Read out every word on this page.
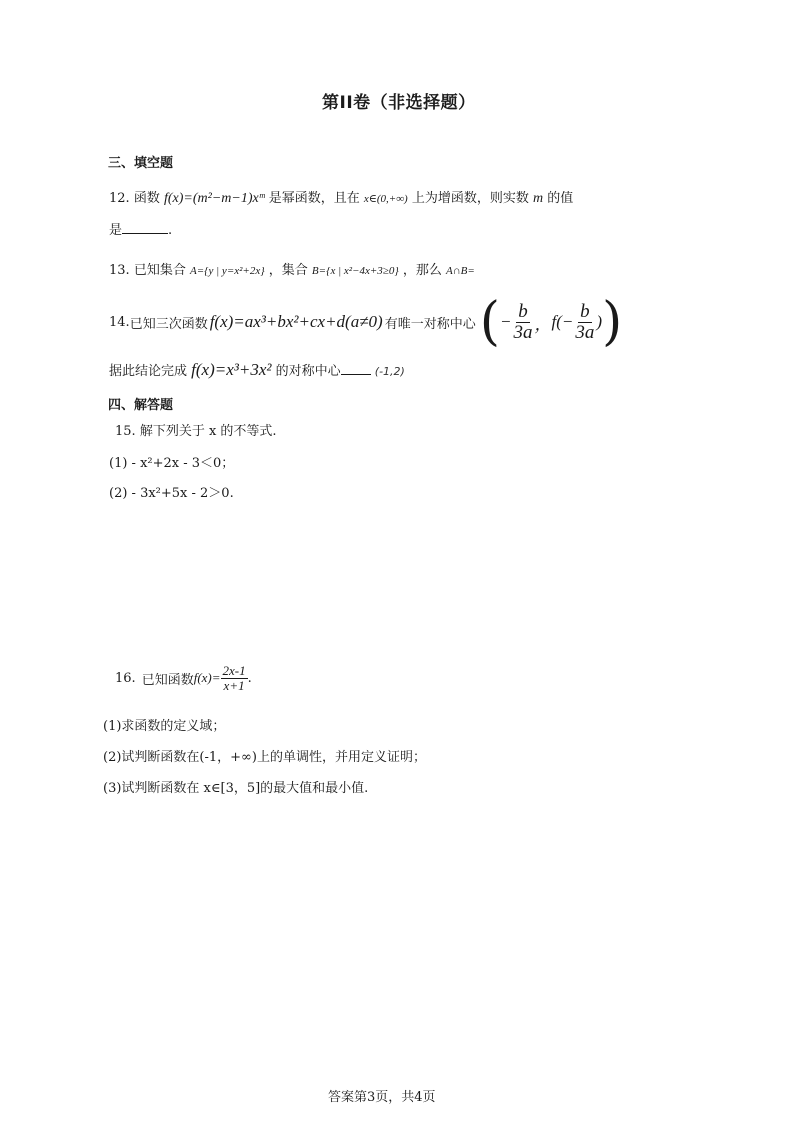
第II卷（非选择题）
三、填空题
12. 函数 f(x)=(m²−m−1)xᵐ 是幂函数，且在 x∈(0,+∞) 上为增函数，则实数 m 的值
是	.
13. 已知集合 A={y | y=x²+2x} ，集合 B={x | x²−4x+3≥0} ，那么 A∩B=
14. 已知三次函数 f(x)=ax³+bx²+cx+d(a≠0) 有唯一对称中心 ( − $\frac{b}{3a}$ ， $f(- \frac{b}{3a}$ ) )
据此结论完成 f(x)=x³+3x² 的对称中心	(-1,2)
四、解答题
15. 解下列关于 x 的不等式.
(1) - x²+2x - 3＜0；
(2) - 3x²+5x - 2＞0.
16. 已知函数 $f(x)= \frac{2x-1}{x+1}$ .
(1)求函数的定义域；
(2)试判断函数在(-1，+∞)上的单调性，并用定义证明；
(3)试判断函数在 x∈[3，5]的最大值和最小值.
答案第3页，共4页
